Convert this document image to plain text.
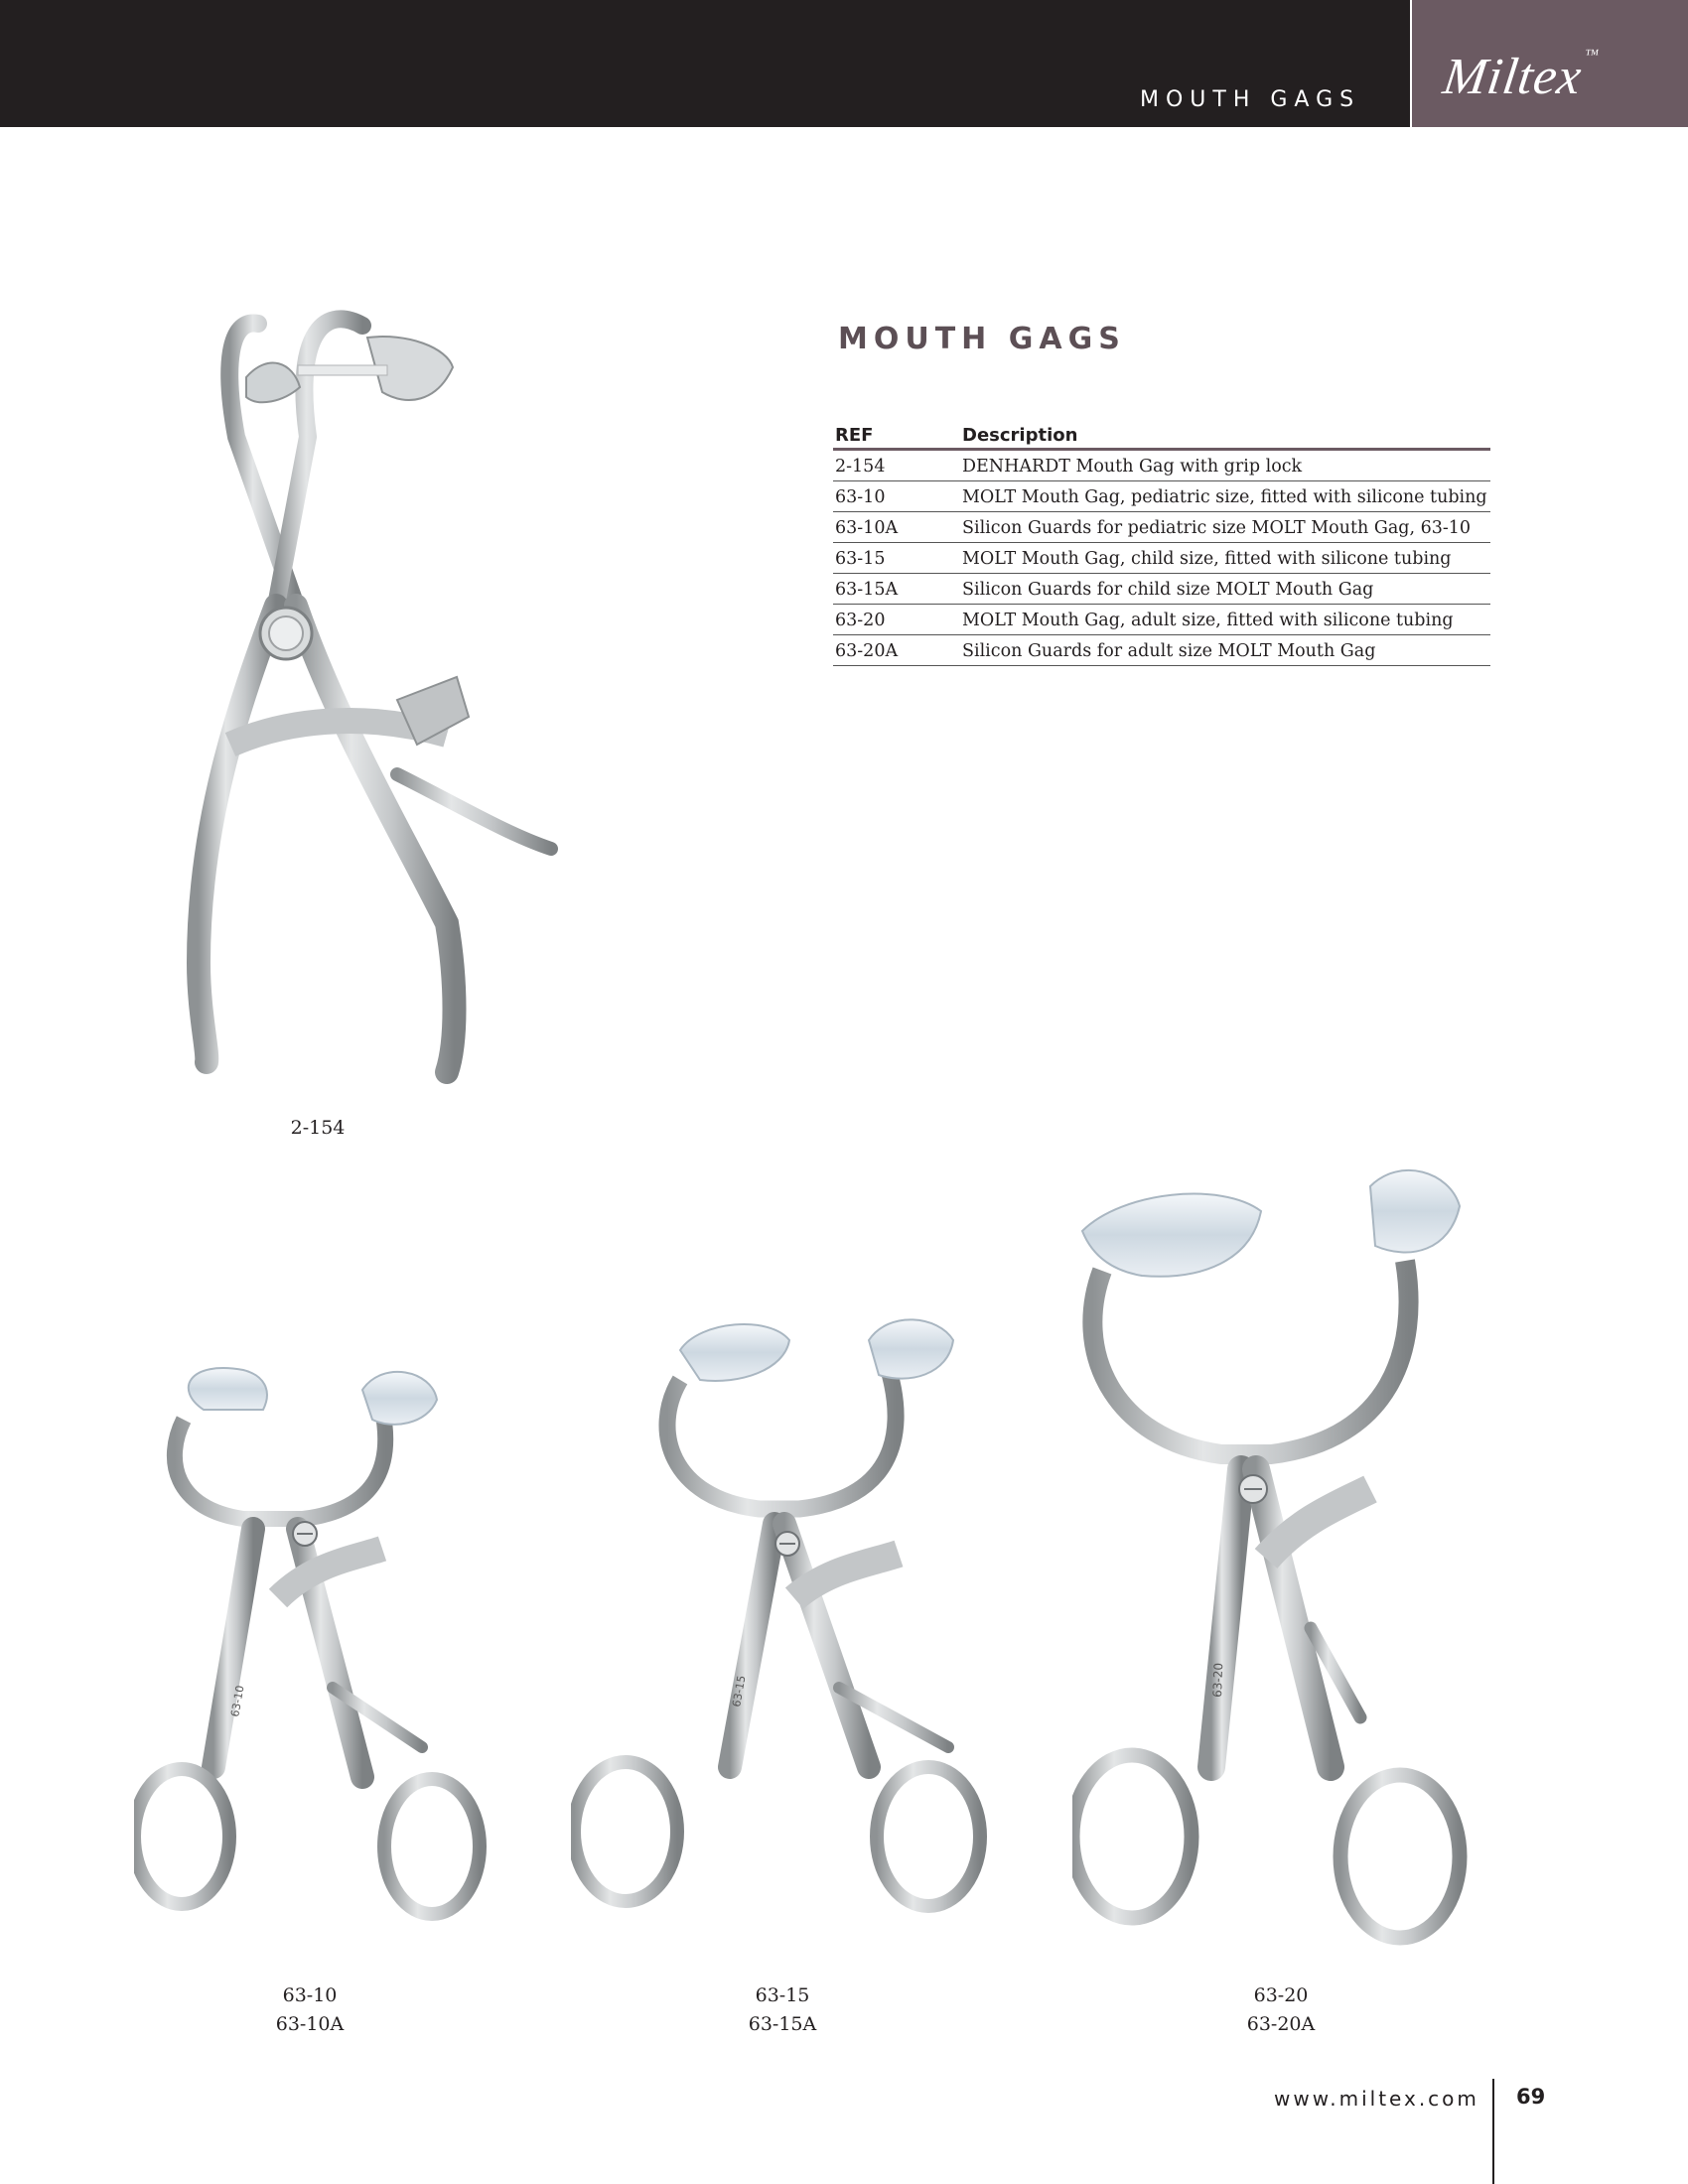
MOUTH GAGS Miltex™
MOUTH GAGS
REF	Description
2-154	DENHARDT Mouth Gag with grip lock
63-10	MOLT Mouth Gag, pediatric size, fitted with silicone tubing
63-10A	Silicon Guards for pediatric size MOLT Mouth Gag, 63-10
63-15	MOLT Mouth Gag, child size, fitted with silicone tubing
63-15A	Silicon Guards for child size MOLT Mouth Gag
63-20	MOLT Mouth Gag, adult size, fitted with silicone tubing
63-20A	Silicon Guards for adult size MOLT Mouth Gag
2-154
63-10
63-10
63-10A
63-15
63-15
63-15A
63-20
63-20
63-20A
www.miltex.com 69
